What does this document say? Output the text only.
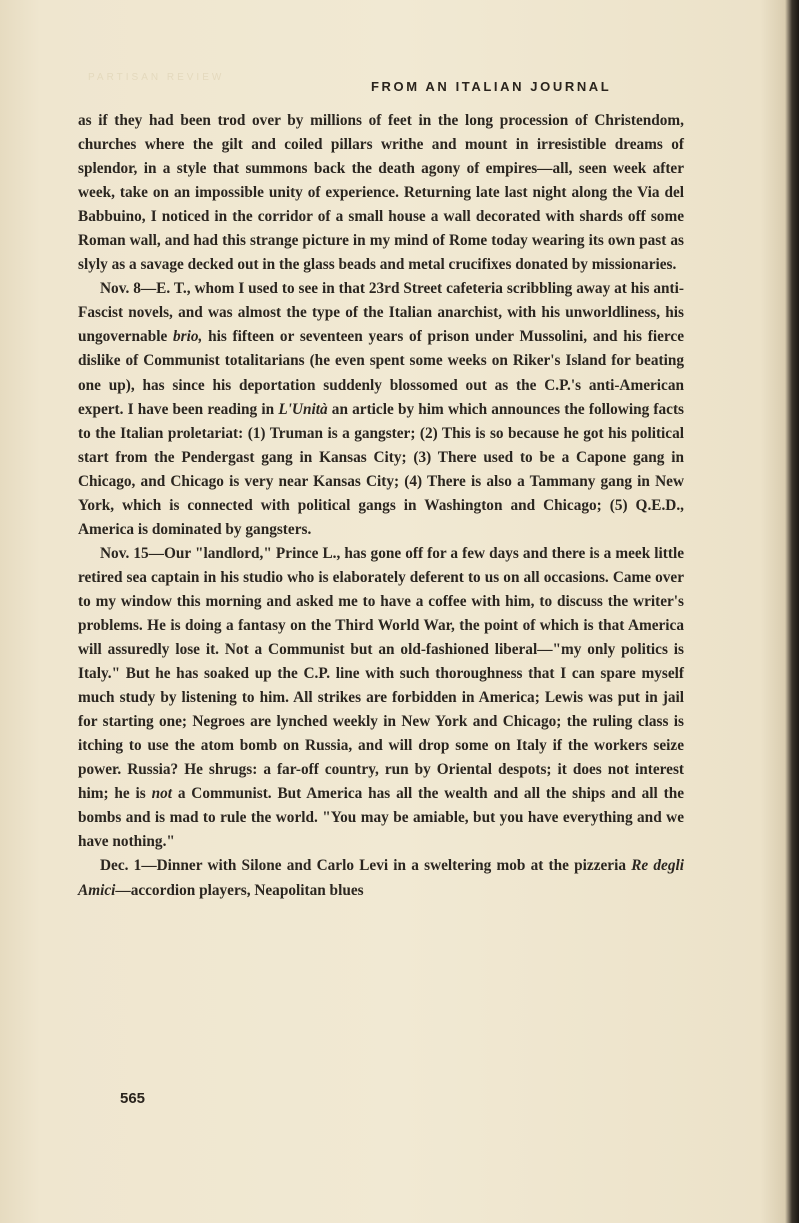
PARTISAN REVIEW
FROM AN ITALIAN JOURNAL

as if they had been trod over by millions of feet in the long procession of Christendom, churches where the gilt and coiled pillars writhe and mount in irresistible dreams of splendor, in a style that summons back the death agony of empires—all, seen week after week, take on an impossible unity of experience. Returning late last night along the Via del Babbuino, I noticed in the corridor of a small house a wall decorated with shards off some Roman wall, and had this strange picture in my mind of Rome today wearing its own past as slyly as a savage decked out in the glass beads and metal crucifixes donated by missionaries.

Nov. 8—E. T., whom I used to see in that 23rd Street cafeteria scribbling away at his anti-Fascist novels, and was almost the type of the Italian anarchist, with his unworldliness, his ungovernable brio, his fifteen or seventeen years of prison under Mussolini, and his fierce dislike of Communist totalitarians (he even spent some weeks on Riker's Island for beating one up), has since his deportation suddenly blossomed out as the C.P.'s anti-American expert. I have been reading in L'Unità an article by him which announces the following facts to the Italian proletariat: (1) Truman is a gangster; (2) This is so because he got his political start from the Pendergast gang in Kansas City; (3) There used to be a Capone gang in Chicago, and Chicago is very near Kansas City; (4) There is also a Tammany gang in New York, which is connected with political gangs in Washington and Chicago; (5) Q.E.D., America is dominated by gangsters.

Nov. 15—Our "landlord," Prince L., has gone off for a few days and there is a meek little retired sea captain in his studio who is elaborately deferent to us on all occasions. Came over to my window this morning and asked me to have a coffee with him, to discuss the writer's problems. He is doing a fantasy on the Third World War, the point of which is that America will assuredly lose it. Not a Communist but an old-fashioned liberal—"my only politics is Italy." But he has soaked up the C.P. line with such thoroughness that I can spare myself much study by listening to him. All strikes are forbidden in America; Lewis was put in jail for starting one; Negroes are lynched weekly in New York and Chicago; the ruling class is itching to use the atom bomb on Russia, and will drop some on Italy if the workers seize power. Russia? He shrugs: a far-off country, run by Oriental despots; it does not interest him; he is not a Communist. But America has all the wealth and all the ships and all the bombs and is mad to rule the world. "You may be amiable, but you have everything and we have nothing."

Dec. 1—Dinner with Silone and Carlo Levi in a sweltering mob at the pizzeria Re degli Amici—accordion players, Neapolitan blues

565
